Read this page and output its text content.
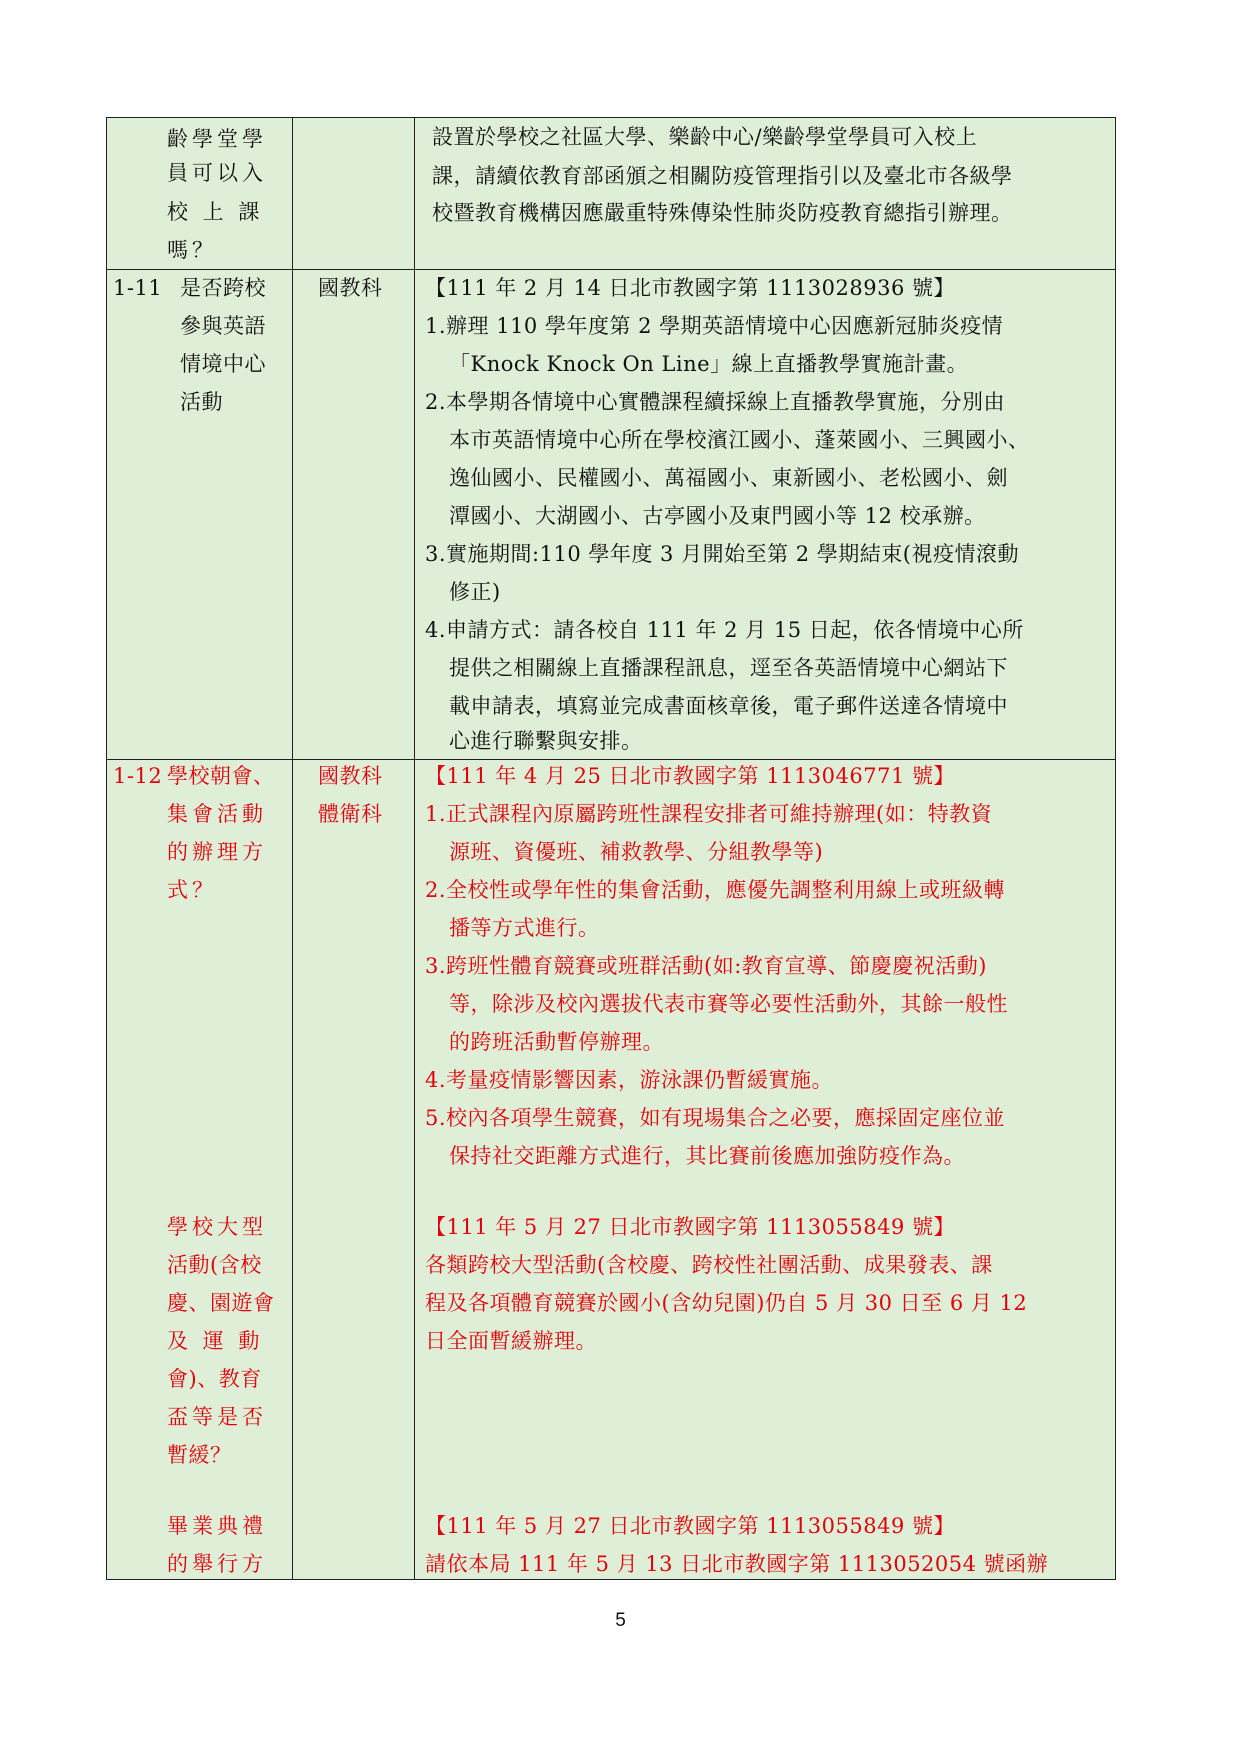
齡學堂學
員可以入
校 上 課
嗎？
設置於學校之社區大學、樂齡中心/樂齡學堂學員可入校上
課，請續依教育部函頒之相關防疫管理指引以及臺北市各級學
校暨教育機構因應嚴重特殊傳染性肺炎防疫教育總指引辦理。
1-11 是否跨校
參與英語
情境中心
活動
國教科 【111 年 2 月 14 日北市教國字第 1113028936 號】
1.辦理 110 學年度第 2 學期英語情境中心因應新冠肺炎疫情
「Knock Knock On Line」線上直播教學實施計畫。
2.本學期各情境中心實體課程續採線上直播教學實施，分別由
本市英語情境中心所在學校濱江國小、蓬萊國小、三興國小、
逸仙國小、民權國小、萬福國小、東新國小、老松國小、劍
潭國小、大湖國小、古亭國小及東門國小等 12 校承辦。
3.實施期間:110 學年度 3 月開始至第 2 學期結束(視疫情滾動
修正)
4.申請方式：請各校自 111 年 2 月 15 日起，依各情境中心所
提供之相關線上直播課程訊息，逕至各英語情境中心網站下
載申請表，填寫並完成書面核章後，電子郵件送達各情境中
心進行聯繫與安排。
1-12 學校朝會、
集會活動
的辦理方
式？
國教科
體衛科
【111 年 4 月 25 日北市教國字第 1113046771 號】
1.正式課程內原屬跨班性課程安排者可維持辦理(如：特教資
源班、資優班、補救教學、分組教學等)
2.全校性或學年性的集會活動，應優先調整利用線上或班級轉
播等方式進行。
3.跨班性體育競賽或班群活動(如:教育宣導、節慶慶祝活動)
等，除涉及校內選拔代表市賽等必要性活動外，其餘一般性
的跨班活動暫停辦理。
4.考量疫情影響因素，游泳課仍暫緩實施。
5.校內各項學生競賽，如有現場集合之必要，應採固定座位並
保持社交距離方式進行，其比賽前後應加強防疫作為。
學校大型
活動(含校
慶、園遊會
及 運 動
會)、教育
盃等是否
暫緩？
【111 年 5 月 27 日北市教國字第 1113055849 號】
各類跨校大型活動(含校慶、跨校性社團活動、成果發表、課
程及各項體育競賽於國小(含幼兒園)仍自 5 月 30 日至 6 月 12
日全面暫緩辦理。
畢業典禮
的舉行方
【111 年 5 月 27 日北市教國字第 1113055849 號】
請依本局 111 年 5 月 13 日北市教國字第 1113052054 號函辦
5
